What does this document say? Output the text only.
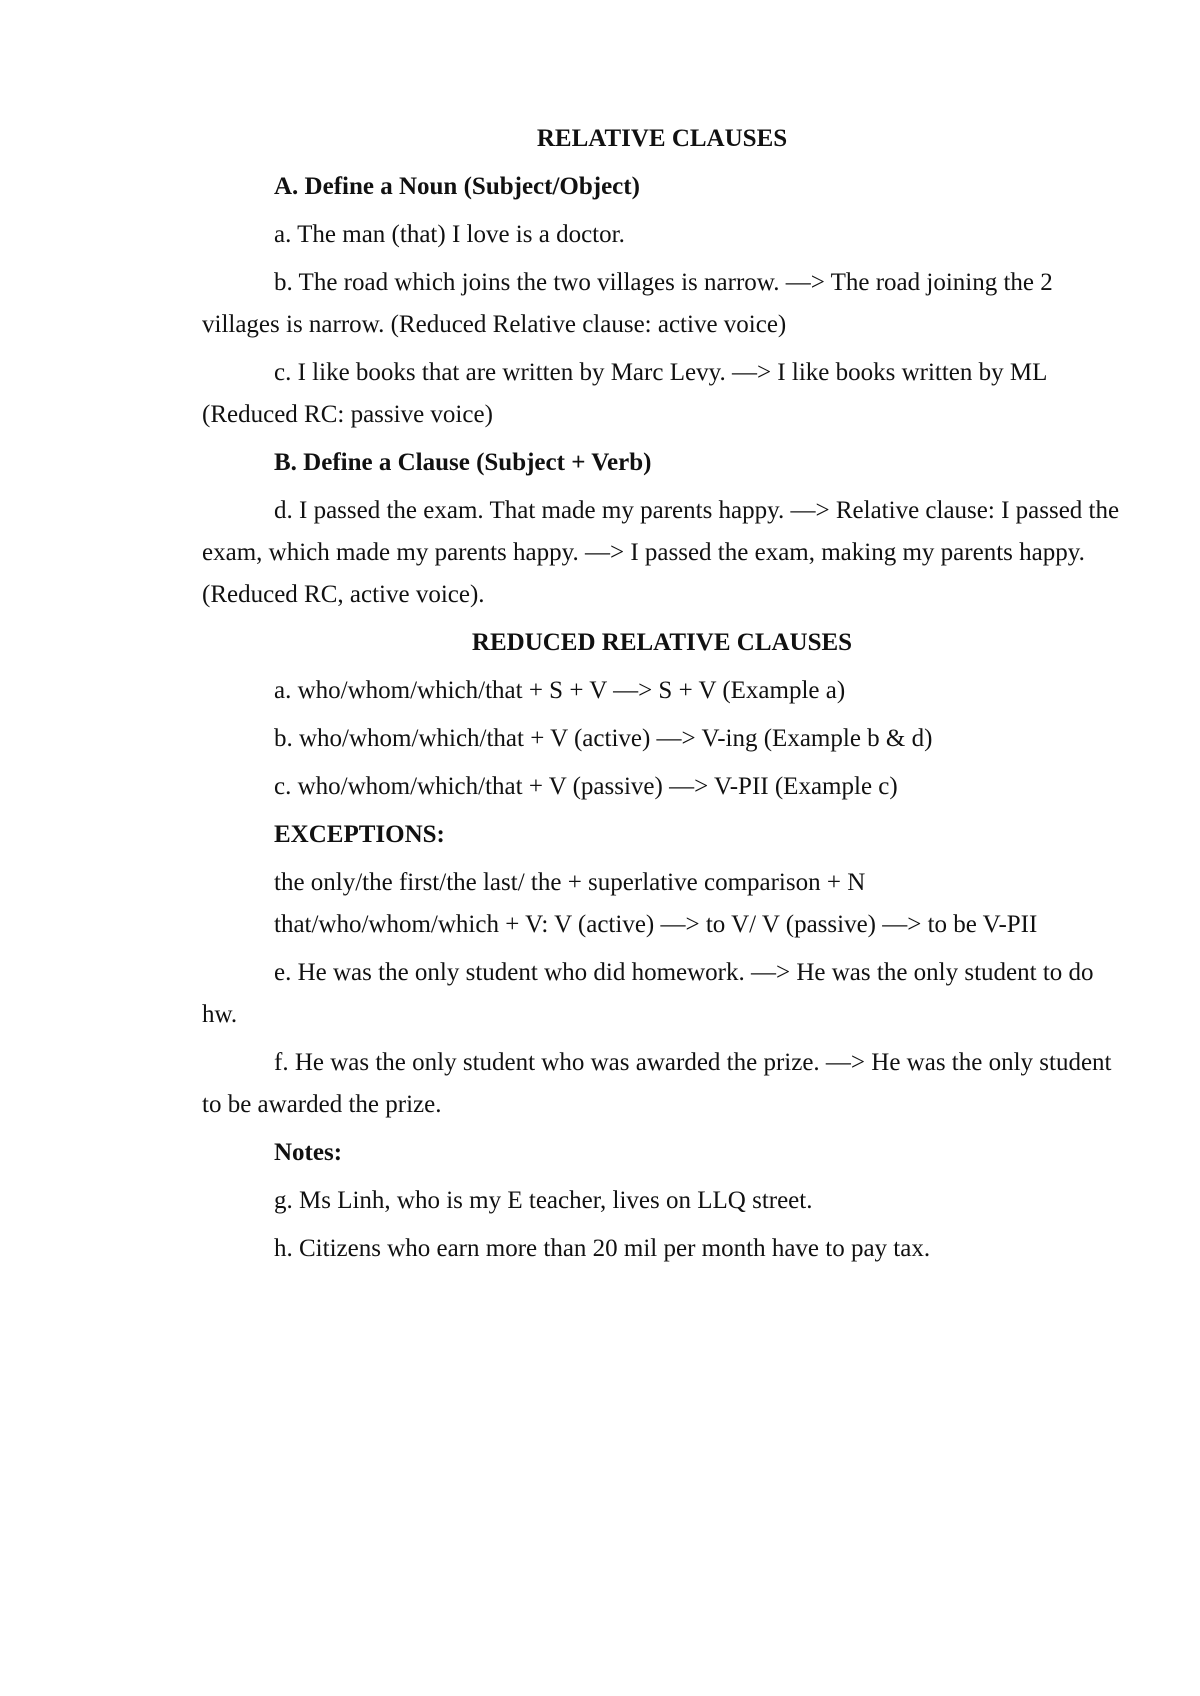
RELATIVE CLAUSES

A. Define a Noun (Subject/Object)

a. The man (that) I love is a doctor.

b. The road which joins the two villages is narrow. —> The road joining the 2 villages is narrow. (Reduced Relative clause: active voice)

c. I like books that are written by Marc Levy. —> I like books written by ML (Reduced RC: passive voice)

B. Define a Clause (Subject + Verb)

d. I passed the exam. That made my parents happy. —> Relative clause: I passed the exam, which made my parents happy. —> I passed the exam, making my parents happy. (Reduced RC, active voice).

REDUCED RELATIVE CLAUSES

a. who/whom/which/that + S + V —> S + V (Example a)

b. who/whom/which/that + V (active) —> V-ing (Example b & d)

c. who/whom/which/that + V (passive) —> V-PII (Example c)

EXCEPTIONS:

the only/the first/the last/ the + superlative comparison + N

that/who/whom/which + V: V (active) —> to V/ V (passive) —> to be V-PII

e. He was the only student who did homework. —> He was the only student to do hw.

f. He was the only student who was awarded the prize. —> He was the only student to be awarded the prize.

Notes:

g. Ms Linh, who is my E teacher, lives on LLQ street.

h. Citizens who earn more than 20 mil per month have to pay tax.
